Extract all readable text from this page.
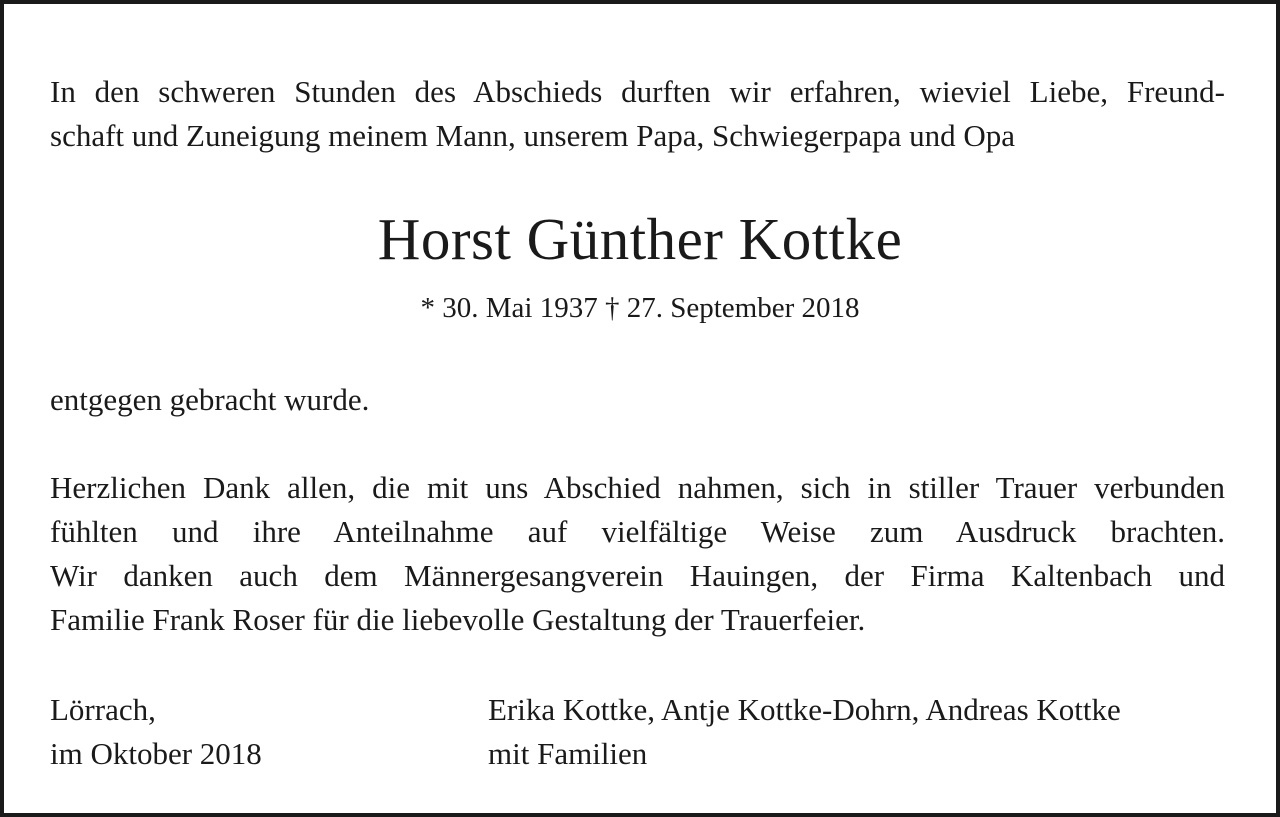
In den schweren Stunden des Abschieds durften wir erfahren, wieviel Liebe, Freund-
schaft und Zuneigung meinem Mann, unserem Papa, Schwiegerpapa und Opa
Horst Günther Kottke
* 30. Mai 1937 † 27. September 2018
entgegen gebracht wurde.
Herzlichen Dank allen, die mit uns Abschied nahmen, sich in stiller Trauer verbunden
fühlten und ihre Anteilnahme auf vielfältige Weise zum Ausdruck brachten.
Wir danken auch dem Männergesangverein Hauingen, der Firma Kaltenbach und
Familie Frank Roser für die liebevolle Gestaltung der Trauerfeier.
Lörrach,
im Oktober 2018
Erika Kottke, Antje Kottke-Dohrn, Andreas Kottke
mit Familien
